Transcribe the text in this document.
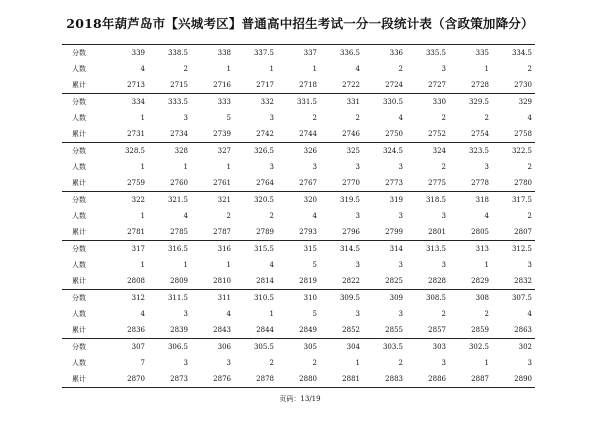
2018年葫芦岛市【兴城考区】普通高中招生考试一分一段统计表（含政策加降分）
分数	339	338.5	338	337.5	337	336.5	336	335.5	335	334.5
人数	4	2	1	1	1	4	2	3	1	2
累计	2713	2715	2716	2717	2718	2722	2724	2727	2728	2730
分数	334	333.5	333	332	331.5	331	330.5	330	329.5	329
人数	1	3	5	3	2	2	4	2	2	4
累计	2731	2734	2739	2742	2744	2746	2750	2752	2754	2758
分数	328.5	328	327	326.5	326	325	324.5	324	323.5	322.5
人数	1	1	1	3	3	3	3	2	3	2
累计	2759	2760	2761	2764	2767	2770	2773	2775	2778	2780
分数	322	321.5	321	320.5	320	319.5	319	318.5	318	317.5
人数	1	4	2	2	4	3	3	3	4	2
累计	2781	2785	2787	2789	2793	2796	2799	2801	2805	2807
分数	317	316.5	316	315.5	315	314.5	314	313.5	313	312.5
人数	1	1	1	4	5	3	3	3	1	3
累计	2808	2809	2810	2814	2819	2822	2825	2828	2829	2832
分数	312	311.5	311	310.5	310	309.5	309	308.5	308	307.5
人数	4	3	4	1	5	3	3	2	2	4
累计	2836	2839	2843	2844	2849	2852	2855	2857	2859	2863
分数	307	306.5	306	305.5	305	304	303.5	303	302.5	302
人数	7	3	3	2	2	1	2	3	1	3
累计	2870	2873	2876	2878	2880	2881	2883	2886	2887	2890
页码：13/19
